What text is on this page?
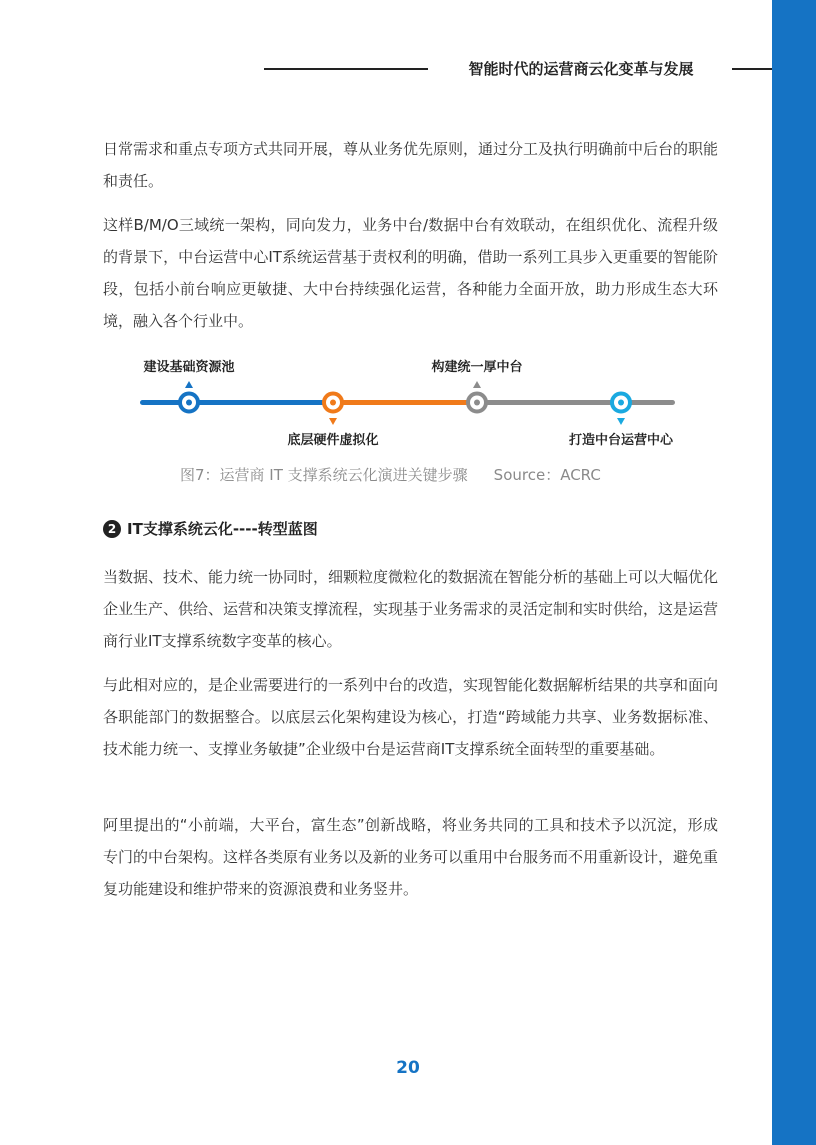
智能时代的运营商云化变革与发展
日常需求和重点专项方式共同开展，尊从业务优先原则，通过分工及执行明确前中后台的职能和责任。
这样B/M/O三域统一架构，同向发力，业务中台/数据中台有效联动，在组织优化、流程升级的背景下，中台运营中心IT系统运营基于责权利的明确，借助一系列工具步入更重要的智能阶段，包括小前台响应更敏捷、大中台持续强化运营，各种能力全面开放，助力形成生态大环境，融入各个行业中。
建设基础资源池
底层硬件虚拟化
构建统一厚中台
打造中台运营中心
图7：运营商 IT 支撑系统云化演进关键步骤 Source：ACRC
2 IT支撑系统云化----转型蓝图
当数据、技术、能力统一协同时，细颗粒度微粒化的数据流在智能分析的基础上可以大幅优化企业生产、供给、运营和决策支撑流程，实现基于业务需求的灵活定制和实时供给，这是运营商行业IT支撑系统数字变革的核心。
与此相对应的，是企业需要进行的一系列中台的改造，实现智能化数据解析结果的共享和面向各职能部门的数据整合。以底层云化架构建设为核心，打造“跨域能力共享、业务数据标准、技术能力统一、支撑业务敏捷”企业级中台是运营商IT支撑系统全面转型的重要基础。
阿里提出的“小前端，大平台，富生态”创新战略，将业务共同的工具和技术予以沉淀，形成专门的中台架构。这样各类原有业务以及新的业务可以重用中台服务而不用重新设计，避免重复功能建设和维护带来的资源浪费和业务竖井。
20
